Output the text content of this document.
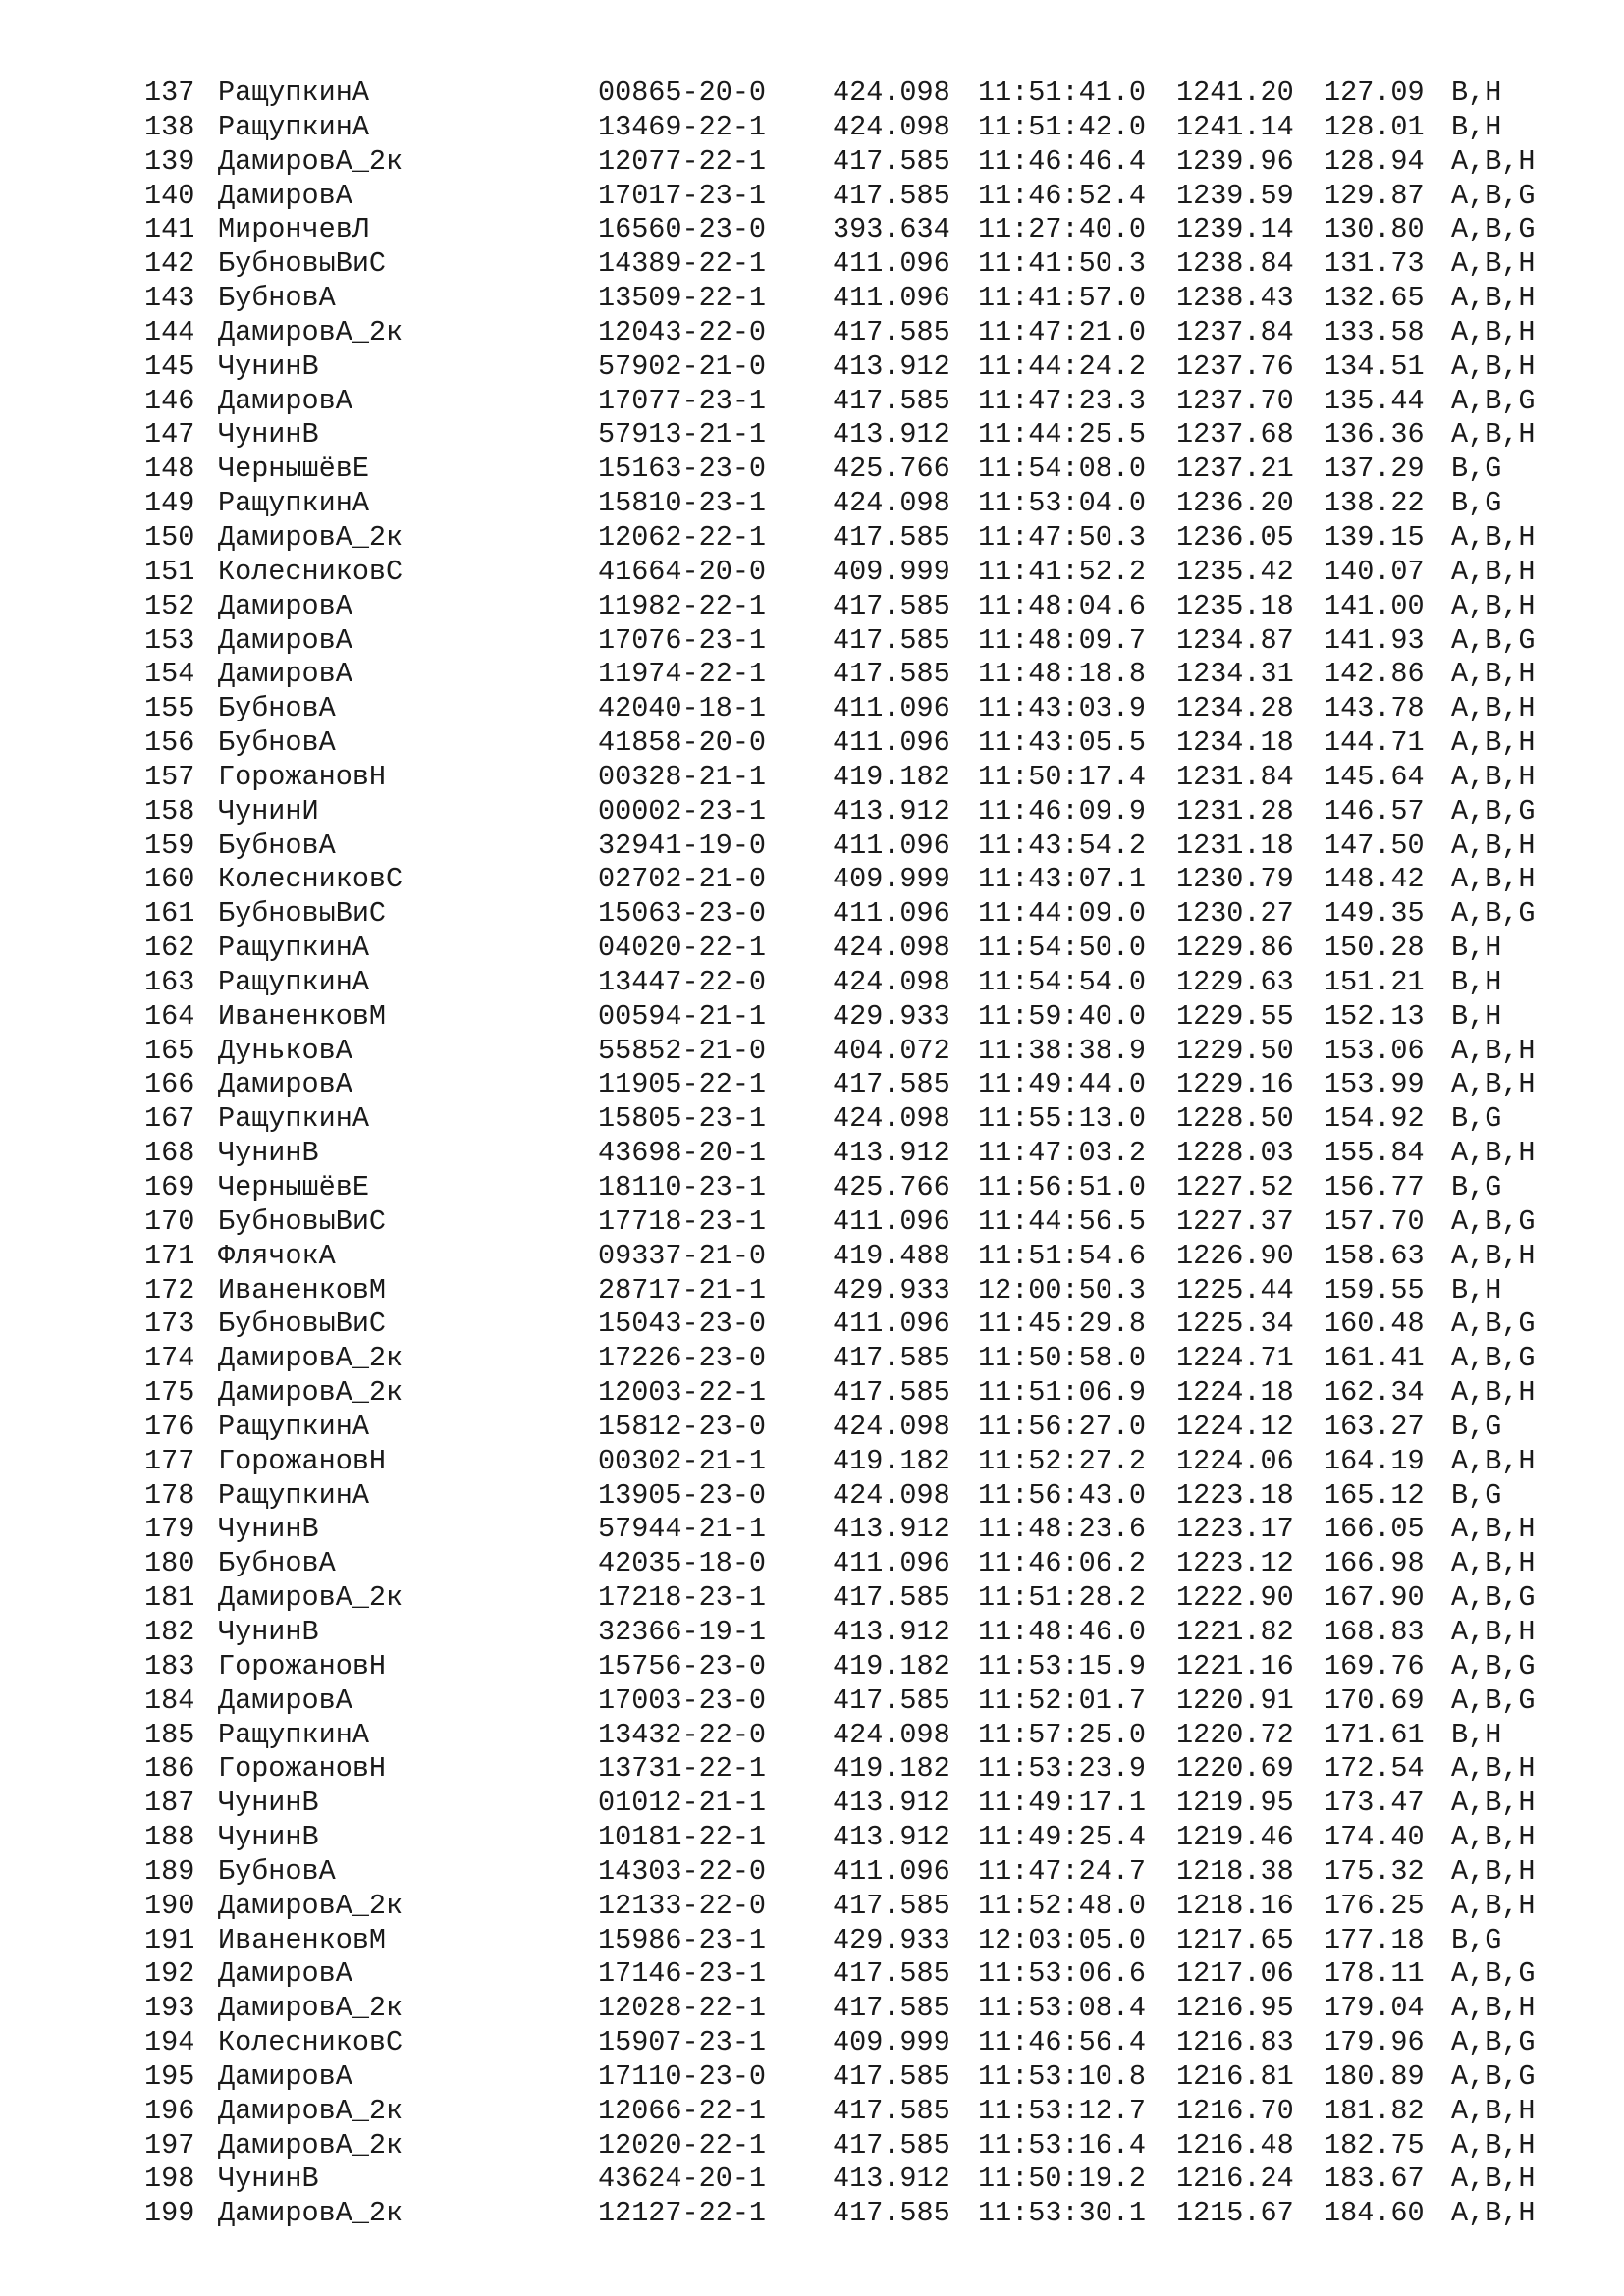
137 РащупкинА	00865-20-0 424.098 11:51:41.0 1241.20 127.09 B,H
138 РащупкинА	13469-22-1 424.098 11:51:42.0 1241.14 128.01 B,H
139 ДамировА_2к	12077-22-1 417.585 11:46:46.4 1239.96 128.94 A,B,H
140 ДамировА	17017-23-1 417.585 11:46:52.4 1239.59 129.87 A,B,G
141 МирончевЛ	16560-23-0 393.634 11:27:40.0 1239.14 130.80 A,B,G
142 БубновыВиС	14389-22-1 411.096 11:41:50.3 1238.84 131.73 A,B,H
143 БубновА	13509-22-1 411.096 11:41:57.0 1238.43 132.65 A,B,H
144 ДамировА_2к	12043-22-0 417.585 11:47:21.0 1237.84 133.58 A,B,H
145 ЧунинВ	57902-21-0 413.912 11:44:24.2 1237.76 134.51 A,B,H
146 ДамировА	17077-23-1 417.585 11:47:23.3 1237.70 135.44 A,B,G
147 ЧунинВ	57913-21-1 413.912 11:44:25.5 1237.68 136.36 A,B,H
148 ЧернышёвЕ	15163-23-0 425.766 11:54:08.0 1237.21 137.29 B,G
149 РащупкинА	15810-23-1 424.098 11:53:04.0 1236.20 138.22 B,G
150 ДамировА_2к	12062-22-1 417.585 11:47:50.3 1236.05 139.15 A,B,H
151 КолесниковС	41664-20-0 409.999 11:41:52.2 1235.42 140.07 A,B,H
152 ДамировА	11982-22-1 417.585 11:48:04.6 1235.18 141.00 A,B,H
153 ДамировА	17076-23-1 417.585 11:48:09.7 1234.87 141.93 A,B,G
154 ДамировА	11974-22-1 417.585 11:48:18.8 1234.31 142.86 A,B,H
155 БубновА	42040-18-1 411.096 11:43:03.9 1234.28 143.78 A,B,H
156 БубновА	41858-20-0 411.096 11:43:05.5 1234.18 144.71 A,B,H
157 ГорожановН	00328-21-1 419.182 11:50:17.4 1231.84 145.64 A,B,H
158 ЧунинИ	00002-23-1 413.912 11:46:09.9 1231.28 146.57 A,B,G
159 БубновА	32941-19-0 411.096 11:43:54.2 1231.18 147.50 A,B,H
160 КолесниковС	02702-21-0 409.999 11:43:07.1 1230.79 148.42 A,B,H
161 БубновыВиС	15063-23-0 411.096 11:44:09.0 1230.27 149.35 A,B,G
162 РащупкинА	04020-22-1 424.098 11:54:50.0 1229.86 150.28 B,H
163 РащупкинА	13447-22-0 424.098 11:54:54.0 1229.63 151.21 B,H
164 ИваненковМ	00594-21-1 429.933 11:59:40.0 1229.55 152.13 B,H
165 ДуньковА	55852-21-0 404.072 11:38:38.9 1229.50 153.06 A,B,H
166 ДамировА	11905-22-1 417.585 11:49:44.0 1229.16 153.99 A,B,H
167 РащупкинА	15805-23-1 424.098 11:55:13.0 1228.50 154.92 B,G
168 ЧунинВ	43698-20-1 413.912 11:47:03.2 1228.03 155.84 A,B,H
169 ЧернышёвЕ	18110-23-1 425.766 11:56:51.0 1227.52 156.77 B,G
170 БубновыВиС	17718-23-1 411.096 11:44:56.5 1227.37 157.70 A,B,G
171 ФлячокА	09337-21-0 419.488 11:51:54.6 1226.90 158.63 A,B,H
172 ИваненковМ	28717-21-1 429.933 12:00:50.3 1225.44 159.55 B,H
173 БубновыВиС	15043-23-0 411.096 11:45:29.8 1225.34 160.48 A,B,G
174 ДамировА_2к	17226-23-0 417.585 11:50:58.0 1224.71 161.41 A,B,G
175 ДамировА_2к	12003-22-1 417.585 11:51:06.9 1224.18 162.34 A,B,H
176 РащупкинА	15812-23-0 424.098 11:56:27.0 1224.12 163.27 B,G
177 ГорожановН	00302-21-1 419.182 11:52:27.2 1224.06 164.19 A,B,H
178 РащупкинА	13905-23-0 424.098 11:56:43.0 1223.18 165.12 B,G
179 ЧунинВ	57944-21-1 413.912 11:48:23.6 1223.17 166.05 A,B,H
180 БубновА	42035-18-0 411.096 11:46:06.2 1223.12 166.98 A,B,H
181 ДамировА_2к	17218-23-1 417.585 11:51:28.2 1222.90 167.90 A,B,G
182 ЧунинВ	32366-19-1 413.912 11:48:46.0 1221.82 168.83 A,B,H
183 ГорожановН	15756-23-0 419.182 11:53:15.9 1221.16 169.76 A,B,G
184 ДамировА	17003-23-0 417.585 11:52:01.7 1220.91 170.69 A,B,G
185 РащупкинА	13432-22-0 424.098 11:57:25.0 1220.72 171.61 B,H
186 ГорожановН	13731-22-1 419.182 11:53:23.9 1220.69 172.54 A,B,H
187 ЧунинВ	01012-21-1 413.912 11:49:17.1 1219.95 173.47 A,B,H
188 ЧунинВ	10181-22-1 413.912 11:49:25.4 1219.46 174.40 A,B,H
189 БубновА	14303-22-0 411.096 11:47:24.7 1218.38 175.32 A,B,H
190 ДамировА_2к	12133-22-0 417.585 11:52:48.0 1218.16 176.25 A,B,H
191 ИваненковМ	15986-23-1 429.933 12:03:05.0 1217.65 177.18 B,G
192 ДамировА	17146-23-1 417.585 11:53:06.6 1217.06 178.11 A,B,G
193 ДамировА_2к	12028-22-1 417.585 11:53:08.4 1216.95 179.04 A,B,H
194 КолесниковС	15907-23-1 409.999 11:46:56.4 1216.83 179.96 A,B,G
195 ДамировА	17110-23-0 417.585 11:53:10.8 1216.81 180.89 A,B,G
196 ДамировА_2к	12066-22-1 417.585 11:53:12.7 1216.70 181.82 A,B,H
197 ДамировА_2к	12020-22-1 417.585 11:53:16.4 1216.48 182.75 A,B,H
198 ЧунинВ	43624-20-1 413.912 11:50:19.2 1216.24 183.67 A,B,H
199 ДамировА_2к	12127-22-1 417.585 11:53:30.1 1215.67 184.60 A,B,H
